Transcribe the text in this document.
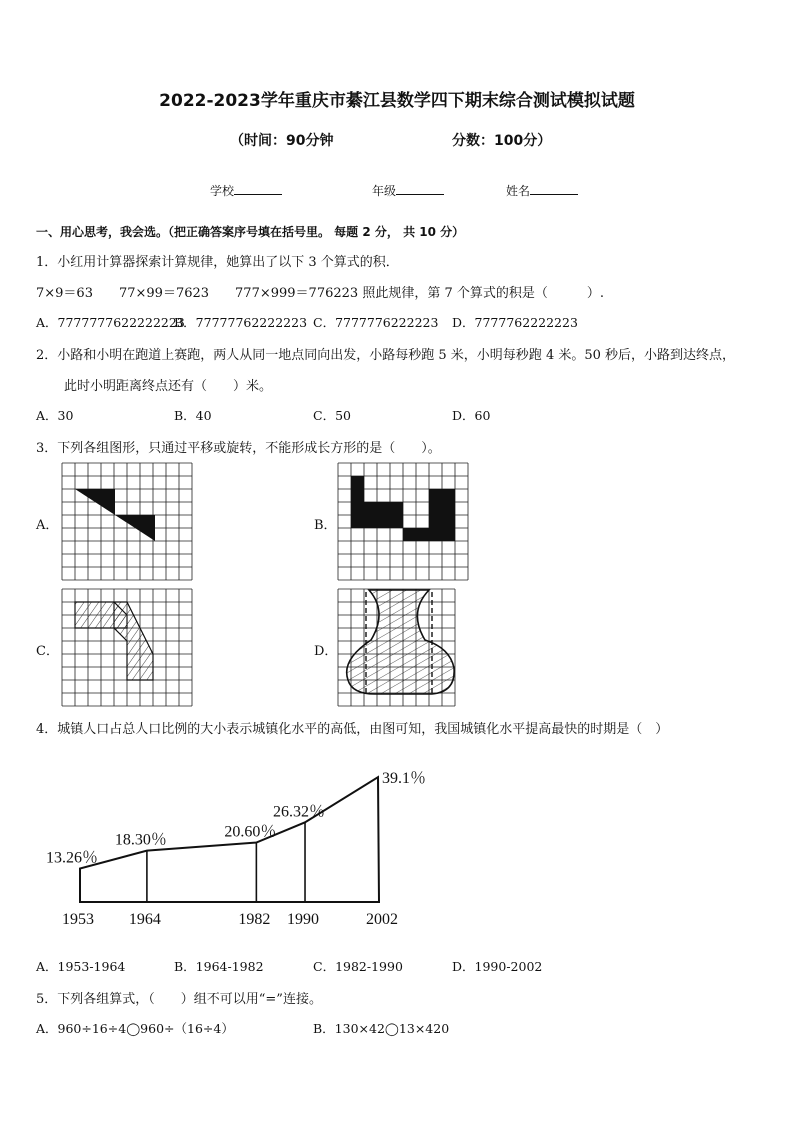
2022-2023学年重庆市綦江县数学四下期末综合测试模拟试题
（时间：90分钟	分数：100分）
学校	年级	姓名
一、用心思考，我会选。（把正确答案序号填在括号里。 每题 2 分， 共 10 分）
1．小红用计算器探索计算规律，她算出了以下 3 个算式的积．
7×9＝63　　77×99＝7623　　777×999＝776223 照此规律，第 7 个算式的积是（　　　）.
A．7777777622222223
B．77777762222223 C．7777776222223 D．7777762222223
2．小路和小明在跑道上赛跑，两人从同一地点同向出发，小路每秒跑 5 米，小明每秒跑 4 米。50 秒后，小路到达终点，
此时小明距离终点还有（　　）米。
A．30	B．40	C．50	D．60
3．下列各组图形，只通过平移或旋转，不能形成长方形的是（　　）。
A．	B．
C．	D．
4．城镇人口占总人口比例的大小表示城镇化水平的高低，由图可知，我国城镇化水平提高最快的时期是（　）
13.26％
1953
18.30％
1964
20.60％
1982
26.32％
1990
39.1％
2002
A．1953-1964	B．1964-1982	C．1982-1990	D．1990-2002
5．下列各组算式，（　　）组不可以用“=”连接。
A．960÷16÷4◯960÷（16÷4）	B．130×42◯13×420
